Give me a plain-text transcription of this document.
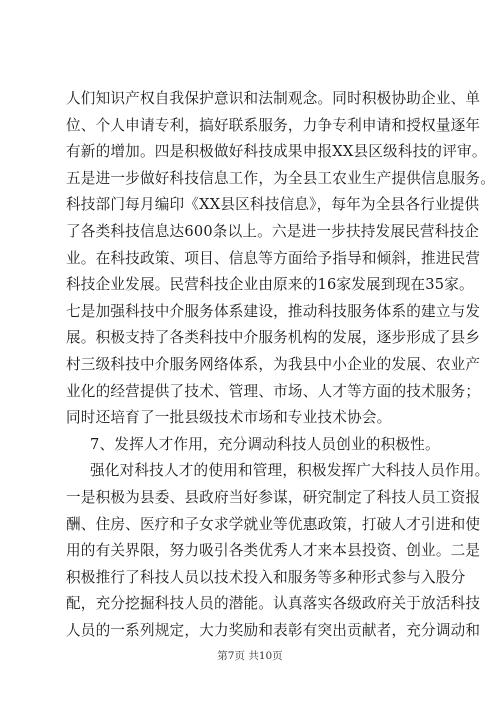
人们知识产权自我保护意识和法制观念。同时积极协助企业、单
位、个人申请专利，搞好联系服务，力争专利申请和授权量逐年
有新的增加。四是积极做好科技成果申报XX县区级科技的评审。
五是进一步做好科技信息工作，为全县工农业生产提供信息服务。
科技部门每月编印《XX县区科技信息》，每年为全县各行业提供
了各类科技信息达600条以上。六是进一步扶持发展民营科技企
业。在科技政策、项目、信息等方面给予指导和倾斜，推进民营
科技企业发展。民营科技企业由原来的16家发展到现在35家。
七是加强科技中介服务体系建设，推动科技服务体系的建立与发
展。积极支持了各类科技中介服务机构的发展，逐步形成了县乡
村三级科技中介服务网络体系，为我县中小企业的发展、农业产
业化的经营提供了技术、管理、市场、人才等方面的技术服务；
同时还培育了一批县级技术市场和专业技术协会。
7、发挥人才作用，充分调动科技人员创业的积极性。
强化对科技人才的使用和管理，积极发挥广大科技人员作用。
一是积极为县委、县政府当好参谋，研究制定了科技人员工资报
酬、住房、医疗和子女求学就业等优惠政策，打破人才引进和使
用的有关界限，努力吸引各类优秀人才来本县投资、创业。二是
积极推行了科技人员以技术投入和服务等多种形式参与入股分
配，充分挖掘科技人员的潜能。认真落实各级政府关于放活科技
人员的一系列规定，大力奖励和表彰有突出贡献者，充分调动和
第7页 共10页
